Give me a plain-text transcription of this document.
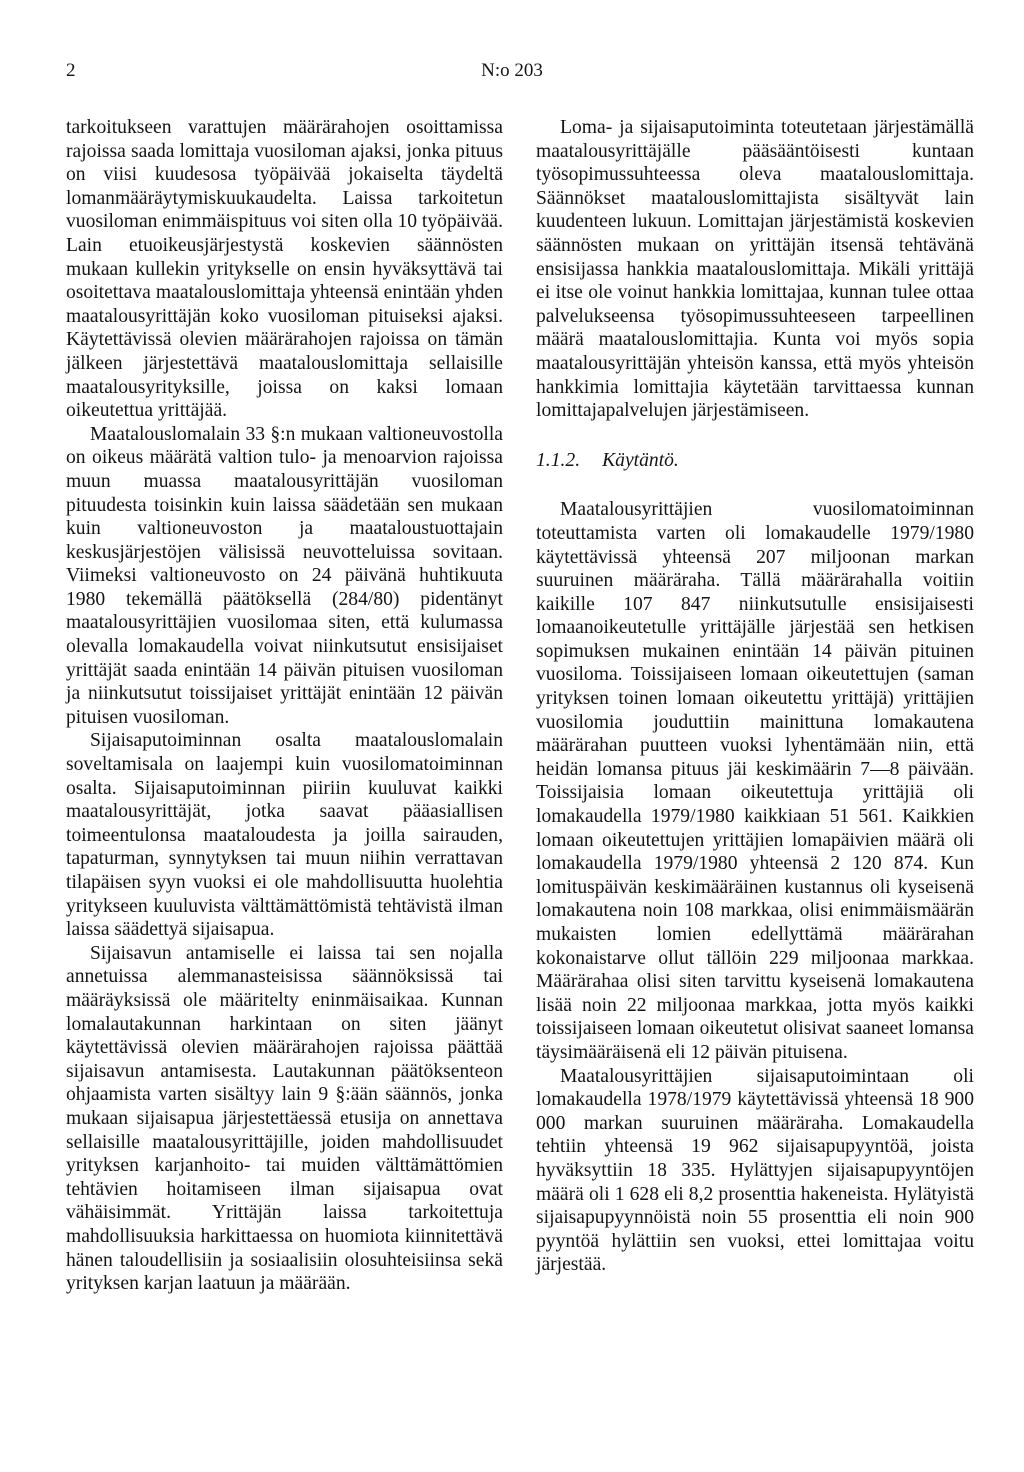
2	N:o 203

tarkoitukseen varattujen määrärahojen osoittamissa rajoissa saada lomittaja vuosiloman ajaksi, jonka pituus on viisi kuudesosa työpäivää jokaiselta täydeltä lomanmääräytymiskuukaudelta. Laissa tarkoitetun vuosiloman enimmäispituus voi siten olla 10 työpäivää. Lain etuoikeusjärjestystä koskevien säännösten mukaan kullekin yritykselle on ensin hyväksyttävä tai osoitettava maatalouslomittaja yhteensä enintään yhden maatalousyrittäjän koko vuosiloman pituiseksi ajaksi. Käytettävissä olevien määrärahojen rajoissa on tämän jälkeen järjestettävä maatalouslomittaja sellaisille maatalousyrityksille, joissa on kaksi lomaan oikeutettua yrittäjää.

Maatalouslomalain 33 §:n mukaan valtioneuvostolla on oikeus määrätä valtion tulo- ja menoarvion rajoissa muun muassa maatalousyrittäjän vuosiloman pituudesta toisinkin kuin laissa säädetään sen mukaan kuin valtioneuvoston ja maataloustuottajain keskusjärjestöjen välisissä neuvotteluissa sovitaan. Viimeksi valtioneuvosto on 24 päivänä huhtikuuta 1980 tekemällä päätöksellä (284/80) pidentänyt maatalousyrittäjien vuosilomaa siten, että kulumassa olevalla lomakaudella voivat niinkutsutut ensisijaiset yrittäjät saada enintään 14 päivän pituisen vuosiloman ja niinkutsutut toissijaiset yrittäjät enintään 12 päivän pituisen vuosiloman.

Sijaisaputoiminnan osalta maatalouslomalain soveltamisala on laajempi kuin vuosilomatoiminnan osalta. Sijaisaputoiminnan piiriin kuuluvat kaikki maatalousyrittäjät, jotka saavat pääasiallisen toimeentulonsa maataloudesta ja joilla sairauden, tapaturman, synnytyksen tai muun niihin verrattavan tilapäisen syyn vuoksi ei ole mahdollisuutta huolehtia yritykseen kuuluvista välttämättömistä tehtävistä ilman laissa säädettyä sijaisapua.

Sijaisavun antamiselle ei laissa tai sen nojalla annetuissa alemmanasteisissa säännöksissä tai määräyksissä ole määritelty eninmäisaikaa. Kunnan lomalautakunnan harkintaan on siten jäänyt käytettävissä olevien määrärahojen rajoissa päättää sijaisavun antamisesta. Lautakunnan päätöksenteon ohjaamista varten sisältyy lain 9 §:ään säännös, jonka mukaan sijaisapua järjestettäessä etusija on annettava sellaisille maatalousyrittäjille, joiden mahdollisuudet yrityksen karjanhoito- tai muiden välttämättömien tehtävien hoitamiseen ilman sijaisapua ovat vähäisimmät. Yrittäjän laissa tarkoitettuja mahdollisuuksia harkittaessa on huomiota kiinnitettävä hänen taloudellisiin ja sosiaalisiin olosuhteisiinsa sekä yrityksen karjan laatuun ja määrään.

Loma- ja sijaisaputoiminta toteutetaan järjestämällä maatalousyrittäjälle pääsääntöisesti kuntaan työsopimussuhteessa oleva maatalouslomittaja. Säännökset maatalouslomittajista sisältyvät lain kuudenteen lukuun. Lomittajan järjestämistä koskevien säännösten mukaan on yrittäjän itsensä tehtävänä ensisijassa hankkia maatalouslomittaja. Mikäli yrittäjä ei itse ole voinut hankkia lomittajaa, kunnan tulee ottaa palvelukseensa työsopimussuhteeseen tarpeellinen määrä maatalouslomittajia. Kunta voi myös sopia maatalousyrittäjän yhteisön kanssa, että myös yhteisön hankkimia lomittajia käytetään tarvittaessa kunnan lomittajapalvelujen järjestämiseen.

1.1.2. Käytäntö.

Maatalousyrittäjien vuosilomatoiminnan toteuttamista varten oli lomakaudelle 1979/1980 käytettävissä yhteensä 207 miljoonan markan suuruinen määräraha. Tällä määrärahalla voitiin kaikille 107 847 niinkutsutulle ensisijaisesti lomaanoikeutetulle yrittäjälle järjestää sen hetkisen sopimuksen mukainen enintään 14 päivän pituinen vuosiloma. Toissijaiseen lomaan oikeutettujen (saman yrityksen toinen lomaan oikeutettu yrittäjä) yrittäjien vuosilomia jouduttiin mainittuna lomakautena määrärahan puutteen vuoksi lyhentämään niin, että heidän lomansa pituus jäi keskimäärin 7—8 päivään. Toissijaisia lomaan oikeutettuja yrittäjiä oli lomakaudella 1979/1980 kaikkiaan 51 561. Kaikkien lomaan oikeutettujen yrittäjien lomapäivien määrä oli lomakaudella 1979/1980 yhteensä 2 120 874. Kun lomituspäivän keskimääräinen kustannus oli kyseisenä lomakautena noin 108 markkaa, olisi enimmäismäärän mukaisten lomien edellyttämä määrärahan kokonaistarve ollut tällöin 229 miljoonaa markkaa. Määrärahaa olisi siten tarvittu kyseisenä lomakautena lisää noin 22 miljoonaa markkaa, jotta myös kaikki toissijaiseen lomaan oikeutetut olisivat saaneet lomansa täysimääräisenä eli 12 päivän pituisena.

Maatalousyrittäjien sijaisaputoimintaan oli lomakaudella 1978/1979 käytettävissä yhteensä 18 900 000 markan suuruinen määräraha. Lomakaudella tehtiin yhteensä 19 962 sijaisapupyyntöä, joista hyväksyttiin 18 335. Hylättyjen sijaisapupyyntöjen määrä oli 1 628 eli 8,2 prosenttia hakeneista. Hylätyistä sijaisapupyynnöistä noin 55 prosenttia eli noin 900 pyyntöä hylättiin sen vuoksi, ettei lomittajaa voitu järjestää.
